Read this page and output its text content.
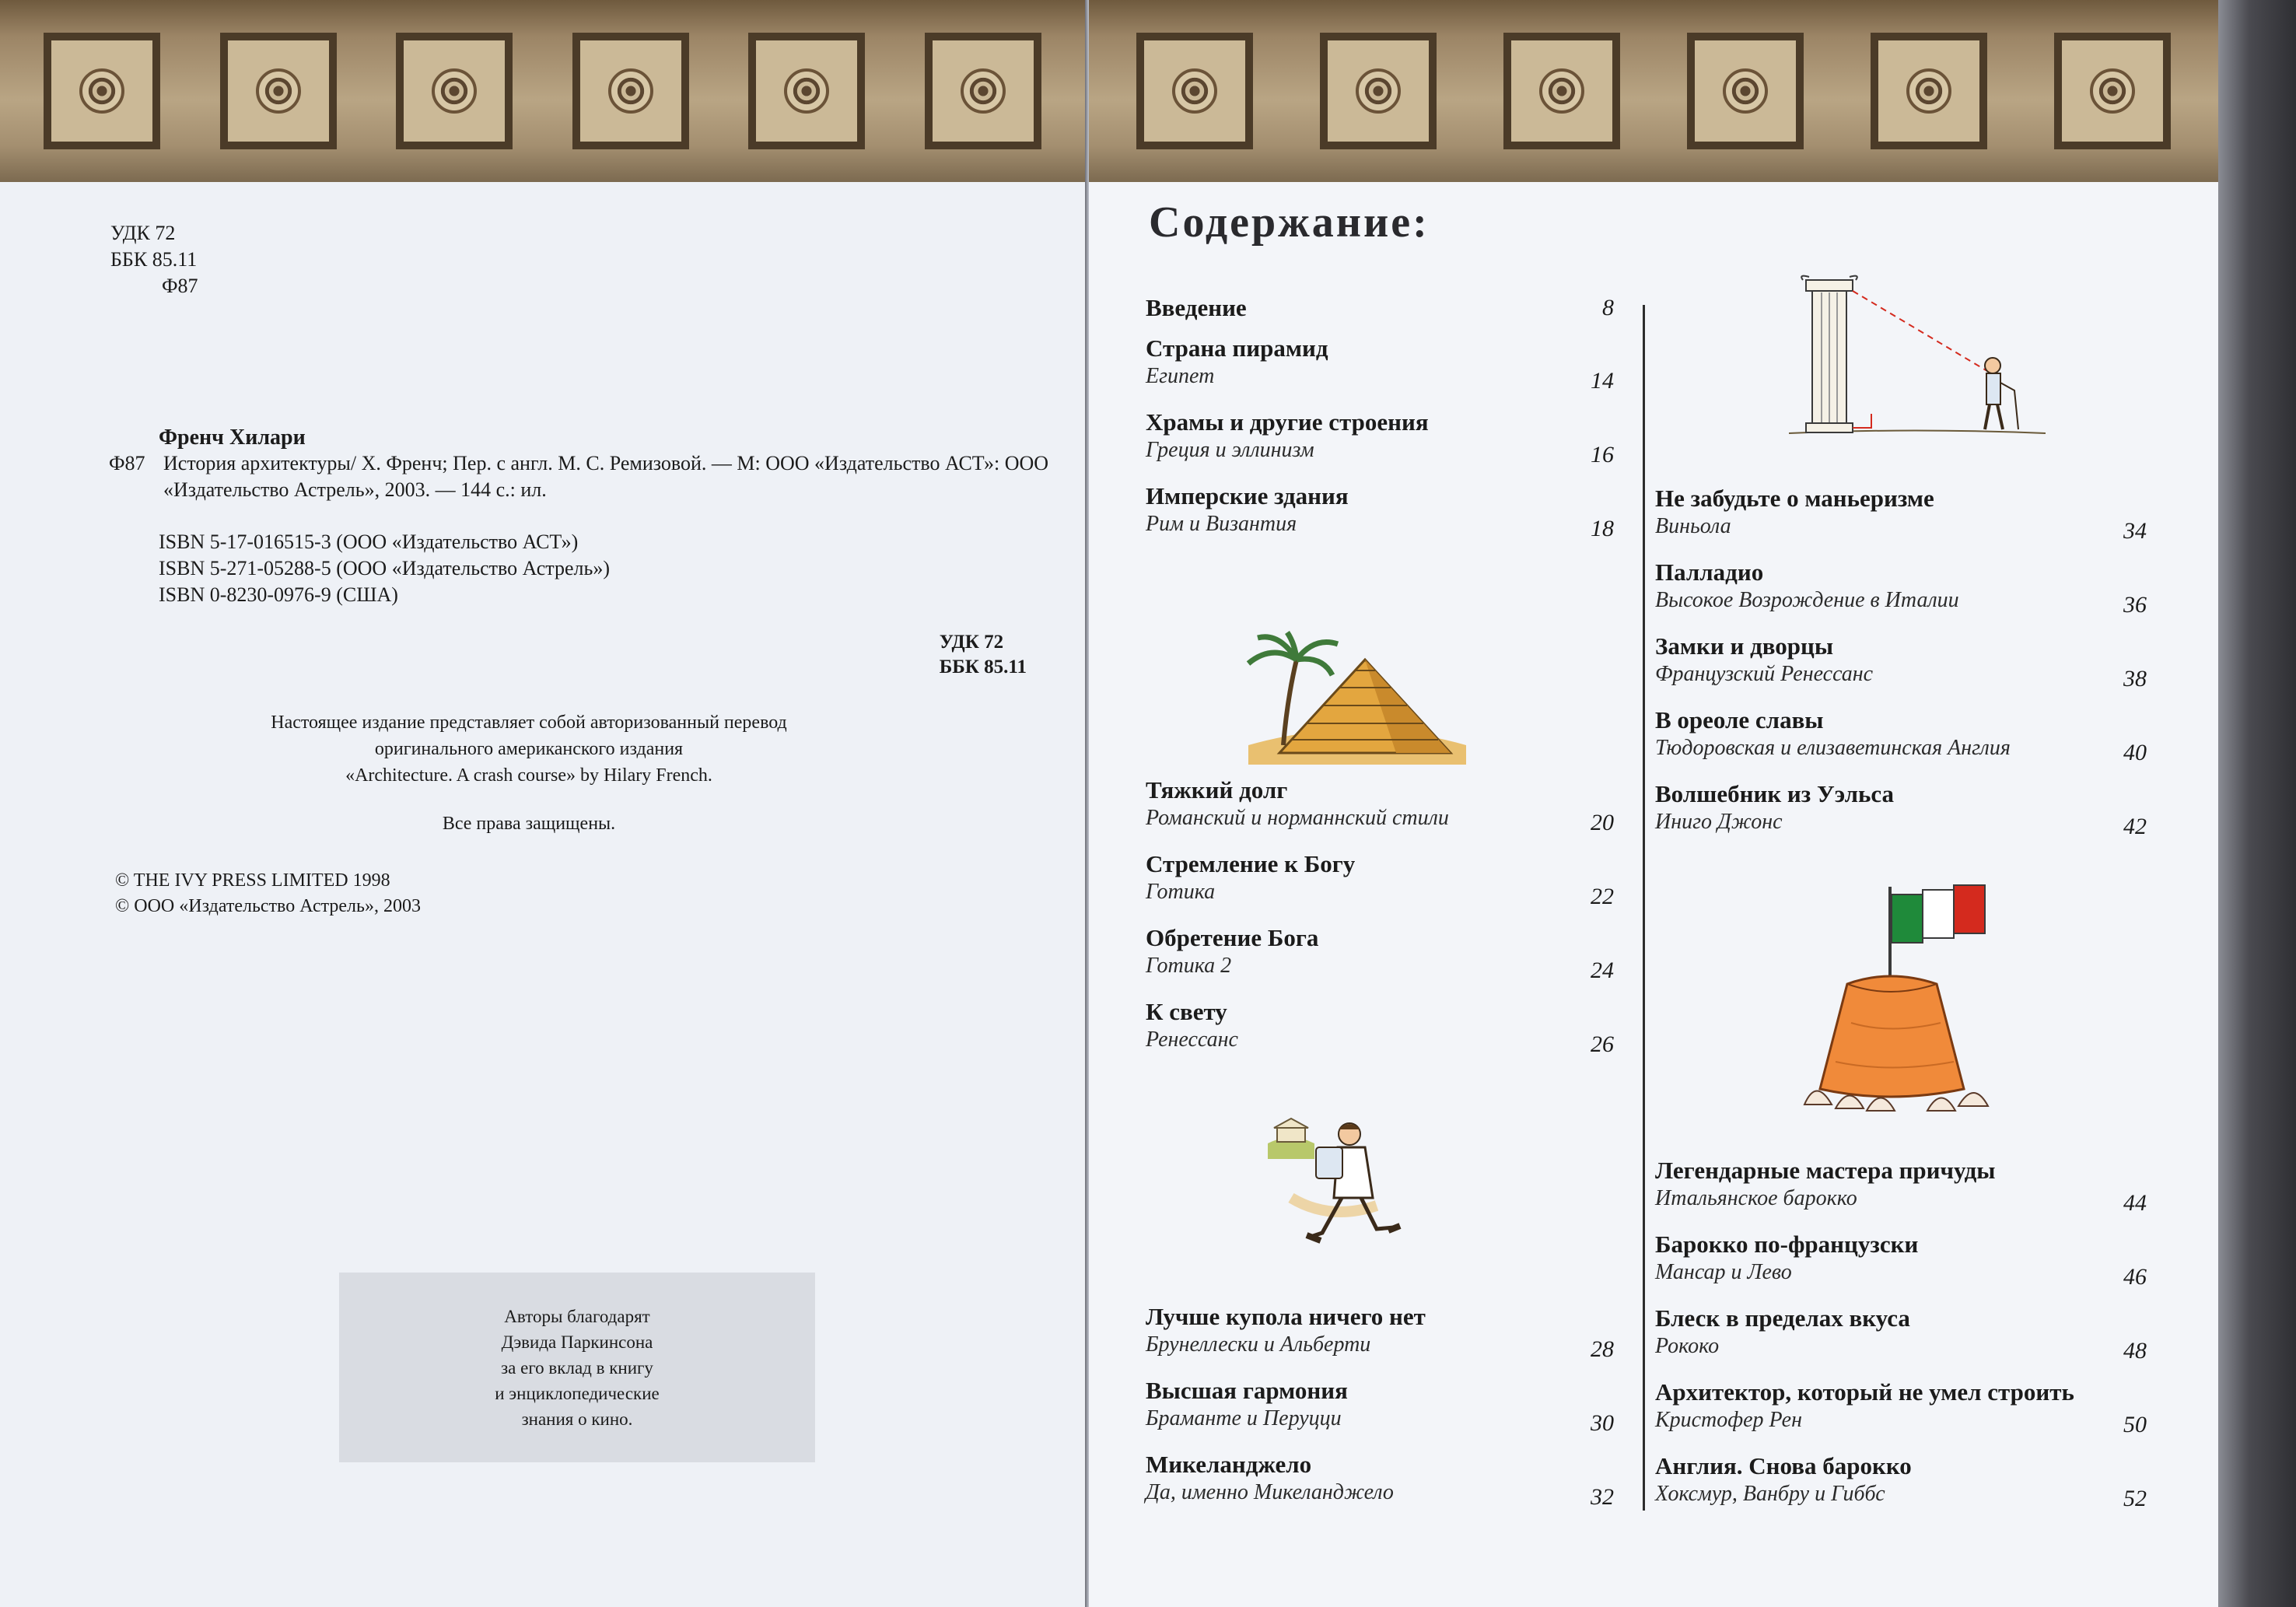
УДК 72
ББК 85.11
Ф87
Френч Хилари
Ф87 История архитектуры/ Х. Френч; Пер. с англ. М. С. Ремизовой. — М: ООО «Издательство АСТ»: ООО «Издательство Астрель», 2003. — 144 с.: ил.
ISBN 5-17-016515-3 (ООО «Издательство АСТ»)
ISBN 5-271-05288-5 (ООО «Издательство Астрель»)
ISBN 0-8230-0976-9 (США)
УДК 72
ББК 85.11
Настоящее издание представляет собой авторизованный перевод
оригинального американского издания
«Architecture. A crash course» by Hilary French.
Все права защищены.
© THE IVY PRESS LIMITED 1998
© ООО «Издательство Астрель», 2003
Авторы благодарят
Дэвида Паркинсона
за его вклад в книгу
и энциклопедические
знания о кино.
Содержание:
Введение	8
Страна пирамид
Египет	14
Храмы и другие строения
Греция и эллинизм	16
Имперские здания
Рим и Византия	18
Тяжкий долг
Романский и норманнский стили	20
Стремление к Богу
Готика	22
Обретение Бога
Готика 2	24
К свету
Ренессанс	26
Лучше купола ничего нет
Брунеллески и Альберти	28
Высшая гармония
Браманте и Перуцци	30
Микеланджело
Да, именно Микеланджело	32
Не забудьте о маньеризме
Виньола	34
Палладио
Высокое Возрождение в Италии	36
Замки и дворцы
Французский Ренессанс	38
В ореоле славы
Тюдоровская и елизаветинская Англия	40
Волшебник из Уэльса
Иниго Джонс	42
Легендарные мастера причуды
Итальянское барокко	44
Барокко по-французски
Мансар и Лево	46
Блеск в пределах вкуса
Рококо	48
Архитектор, который не умел строить
Кристофер Рен	50
Англия. Снова барокко
Хоксмур, Ванбру и Гиббс	52
